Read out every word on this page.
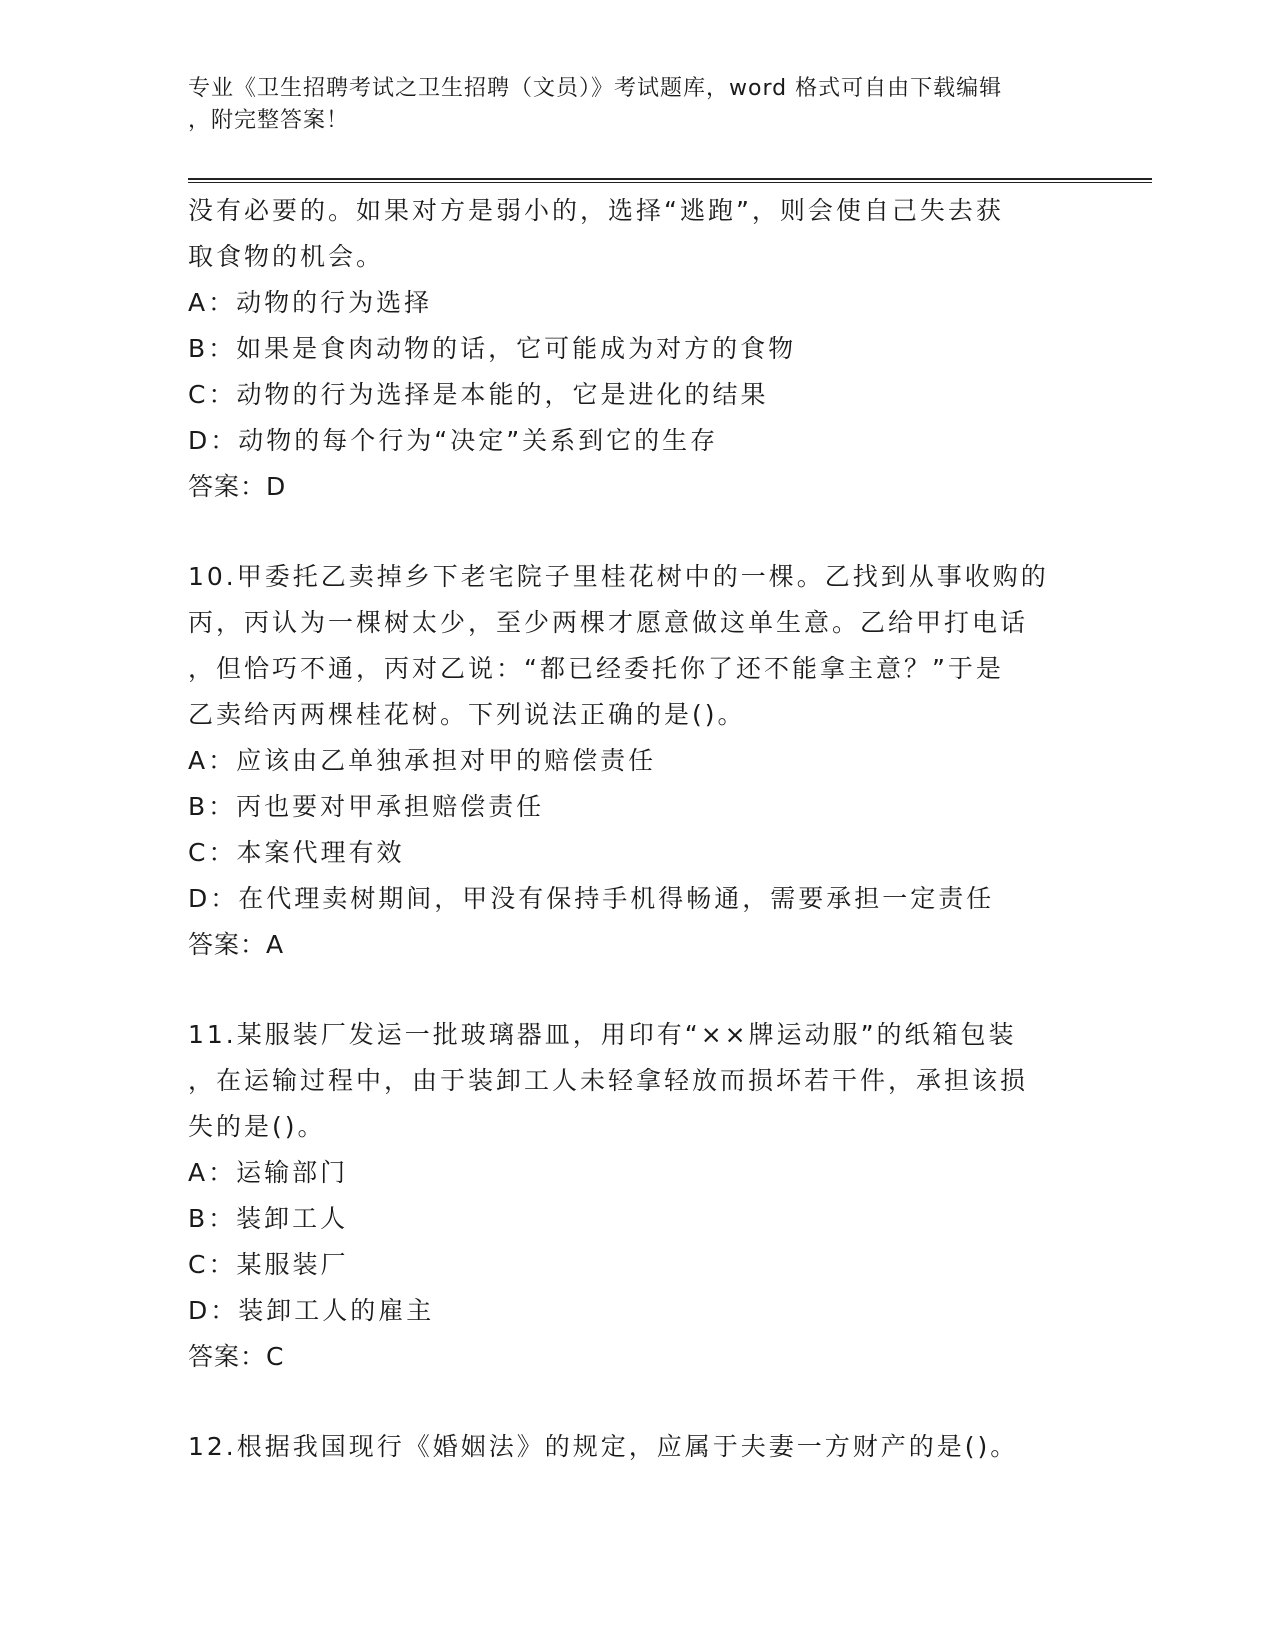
专业《卫生招聘考试之卫生招聘（文员）》考试题库，word 格式可自由下载编辑
，附完整答案！
没有必要的。如果对方是弱小的，选择“逃跑”，则会使自己失去获
取食物的机会。
A：动物的行为选择
B：如果是食肉动物的话，它可能成为对方的食物
C：动物的行为选择是本能的，它是进化的结果
D：动物的每个行为“决定”关系到它的生存
答案：D
10.甲委托乙卖掉乡下老宅院子里桂花树中的一棵。乙找到从事收购的
丙，丙认为一棵树太少，至少两棵才愿意做这单生意。乙给甲打电话
，但恰巧不通，丙对乙说：“都已经委托你了还不能拿主意？”于是
乙卖给丙两棵桂花树。下列说法正确的是()。
A：应该由乙单独承担对甲的赔偿责任
B：丙也要对甲承担赔偿责任
C：本案代理有效
D：在代理卖树期间，甲没有保持手机得畅通，需要承担一定责任
答案：A
11.某服装厂发运一批玻璃器皿，用印有“××牌运动服”的纸箱包装
，在运输过程中，由于装卸工人未轻拿轻放而损坏若干件，承担该损
失的是()。
A：运输部门
B：装卸工人
C：某服装厂
D：装卸工人的雇主
答案：C
12.根据我国现行《婚姻法》的规定，应属于夫妻一方财产的是()。
